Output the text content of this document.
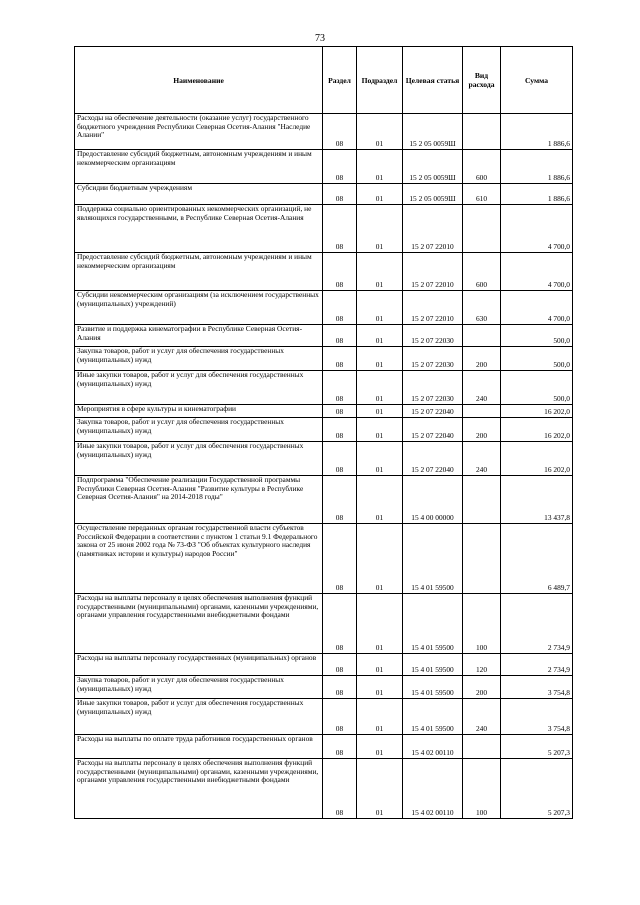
73
Наименование	Раздел	Подраздел	Целевая статья	Вид расхода	Сумма
Расходы на обеспечение деятельности (оказание услуг) государственного бюджетного учреждения Республики Северная Осетия-Алания "Наследие Алании"	08	01	15 2 05 0059Ш		1 886,6
Предоставление субсидий бюджетным, автономным учреждениям и иным некоммерческим организациям	08	01	15 2 05 0059Ш	600	1 886,6
Субсидии бюджетным учреждениям	08	01	15 2 05 0059Ш	610	1 886,6
Поддержка социально ориентированных некоммерческих организаций, не являющихся государственными, в Республике Северная Осетия-Алания	08	01	15 2 07 22010		4 700,0
Предоставление субсидий бюджетным, автономным учреждениям и иным некоммерческим организациям	08	01	15 2 07 22010	600	4 700,0
Субсидии некоммерческим организациям (за исключением государственных (муниципальных) учреждений)	08	01	15 2 07 22010	630	4 700,0
Развитие и поддержка кинематографии в Республике Северная Осетия-Алания	08	01	15 2 07 22030		500,0
Закупка товаров, работ и услуг для обеспечения государственных (муниципальных) нужд	08	01	15 2 07 22030	200	500,0
Иные закупки товаров, работ и услуг для обеспечения государственных (муниципальных) нужд	08	01	15 2 07 22030	240	500,0
Мероприятия в сфере культуры и кинематографии	08	01	15 2 07 22040		16 202,0
Закупка товаров, работ и услуг для обеспечения государственных (муниципальных) нужд	08	01	15 2 07 22040	200	16 202,0
Иные закупки товаров, работ и услуг для обеспечения государственных (муниципальных) нужд	08	01	15 2 07 22040	240	16 202,0
Подпрограмма "Обеспечение реализации Государственной программы Республики Северная Осетия-Алания "Развитие культуры в Республике Северная Осетия-Алания" на 2014-2018 годы"	08	01	15 4 00 00000		13 437,8
Осуществление переданных органам государственной власти субъектов Российской Федерации в соответствии с пунктом 1 статьи 9.1 Федерального закона от 25 июня 2002 года № 73-ФЗ "Об объектах культурного наследия (памятниках истории и культуры) народов России"	08	01	15 4 01 59500		6 489,7
Расходы на выплаты персоналу в целях обеспечения выполнения функций государственными (муниципальными) органами, казенными учреждениями, органами управления государственными внебюджетными фондами	08	01	15 4 01 59500	100	2 734,9
Расходы на выплаты персоналу государственных (муниципальных) органов	08	01	15 4 01 59500	120	2 734,9
Закупка товаров, работ и услуг для обеспечения государственных (муниципальных) нужд	08	01	15 4 01 59500	200	3 754,8
Иные закупки товаров, работ и услуг для обеспечения государственных (муниципальных) нужд	08	01	15 4 01 59500	240	3 754,8
Расходы на выплаты по оплате труда работников государственных органов	08	01	15 4 02 00110		5 207,3
Расходы на выплаты персоналу в целях обеспечения выполнения функций государственными (муниципальными) органами, казенными учреждениями, органами управления государственными внебюджетными фондами	08	01	15 4 02 00110	100	5 207,3
